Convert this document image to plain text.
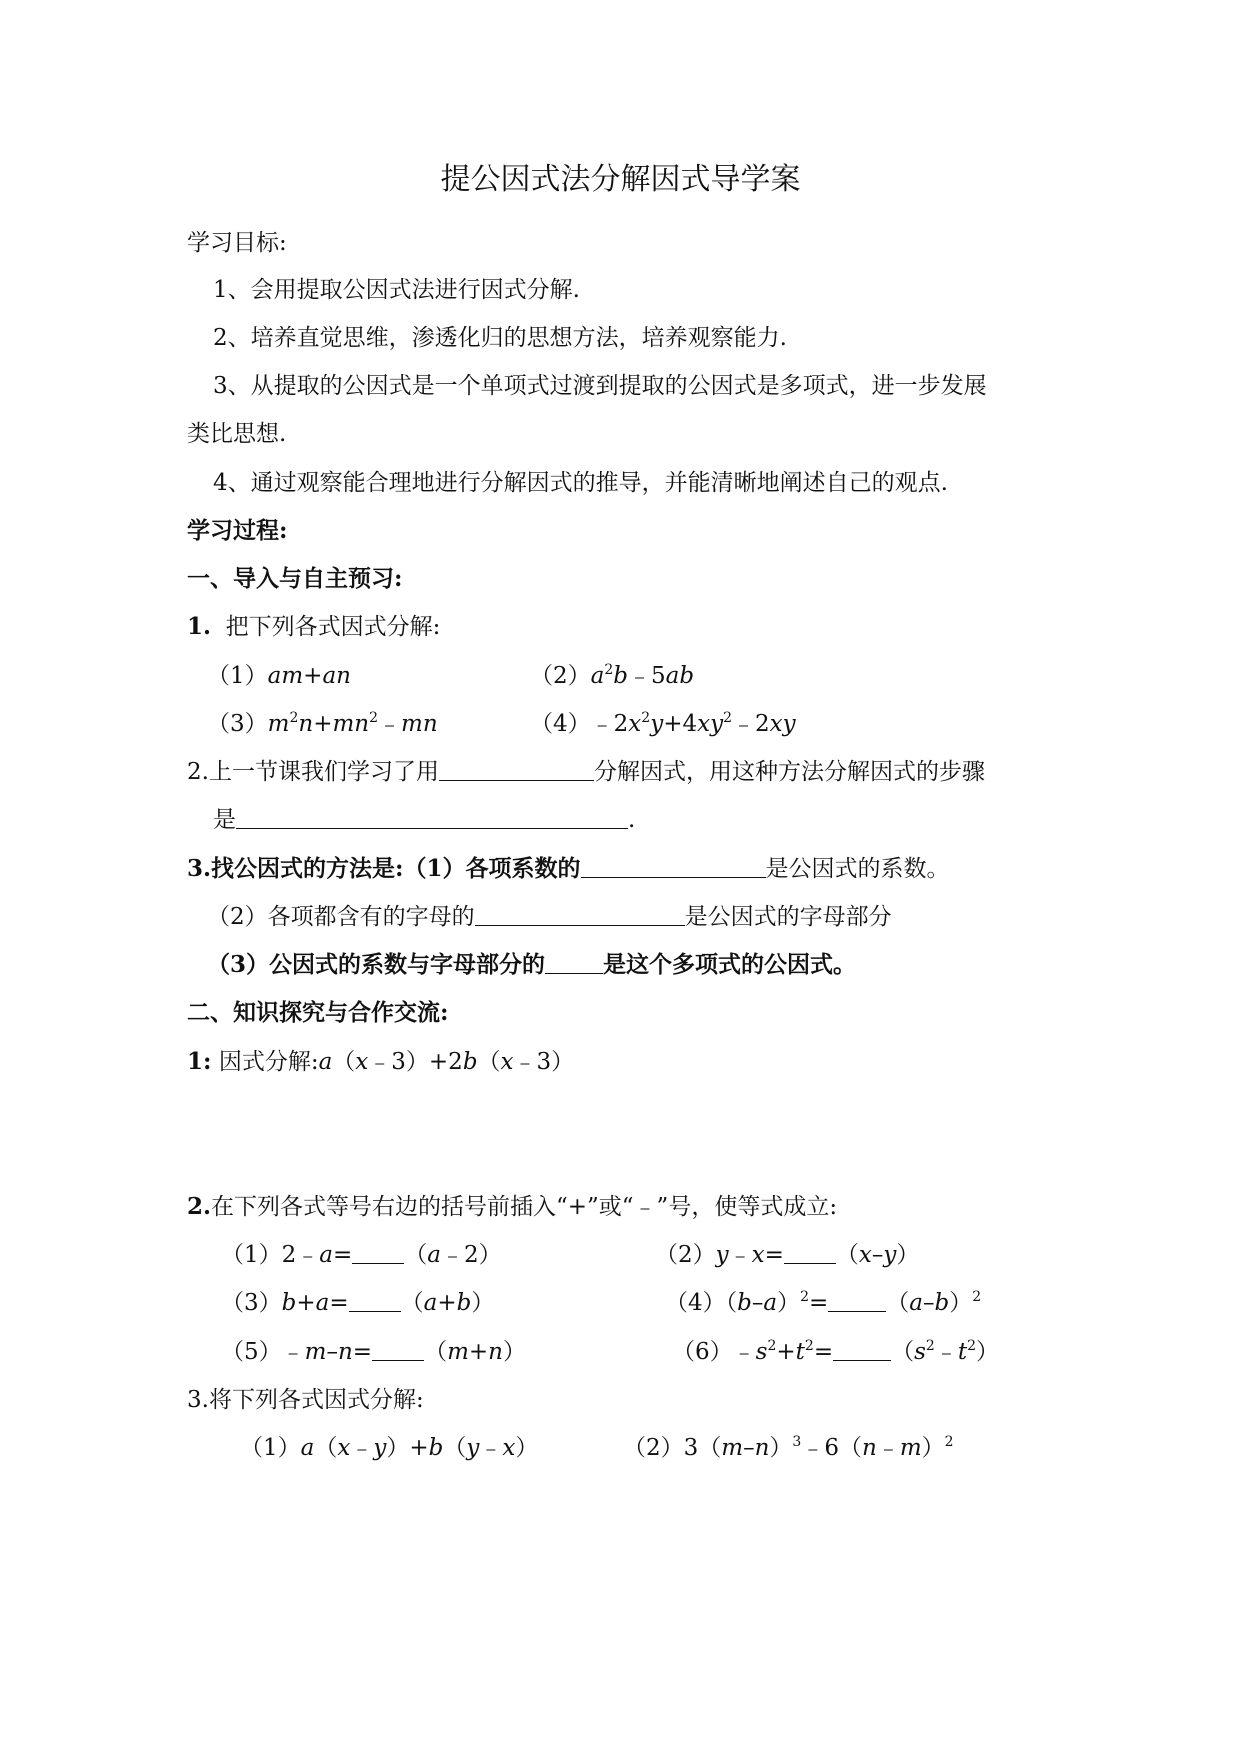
提公因式法分解因式导学案
学习目标:
1、会用提取公因式法进行因式分解.
2、培养直觉思维，渗透化归的思想方法，培养观察能力.
3、从提取的公因式是一个单项式过渡到提取的公因式是多项式，进一步发展
类比思想.
4、通过观察能合理地进行分解因式的推导，并能清晰地阐述自己的观点.
学习过程:
一、导入与自主预习:
1. 把下列各式因式分解:
（1）am+an	$(2)a^2b﹣5ab$
$(3)m^2n+mn^2﹣mn$	$(4)﹣2x^2y+4xy^2﹣2xy$
2.上一节课我们学习了用	分解因式，用这种方法分解因式的步骤
是	.
3.找公因式的方法是:（1）各项系数的	是公因式的系数。
（2）各项都含有的字母的	是公因式的字母部分
（3）公因式的系数与字母部分的	是这个多项式的公因式。
二、知识探究与合作交流:
1: 因式分解:a（x﹣3）+2b（x﹣3）
2.在下列各式等号右边的括号前插入“+”或“﹣”号，使等式成立:
（1）2﹣a= （a﹣2）	（2）y﹣x= （x–y）
（3）b+a= （a+b）	$(4)(b-a)^2=$	$(a-b)^2$
（5）﹣m–n= （m+n）	$(6)﹣s^2+t^2=$	$(s^2﹣t^2)$
3.将下列各式因式分解:
（1）a（x﹣y）+b（y﹣x）	$(2)3(m-n)^3﹣6(n﹣m)^2$
